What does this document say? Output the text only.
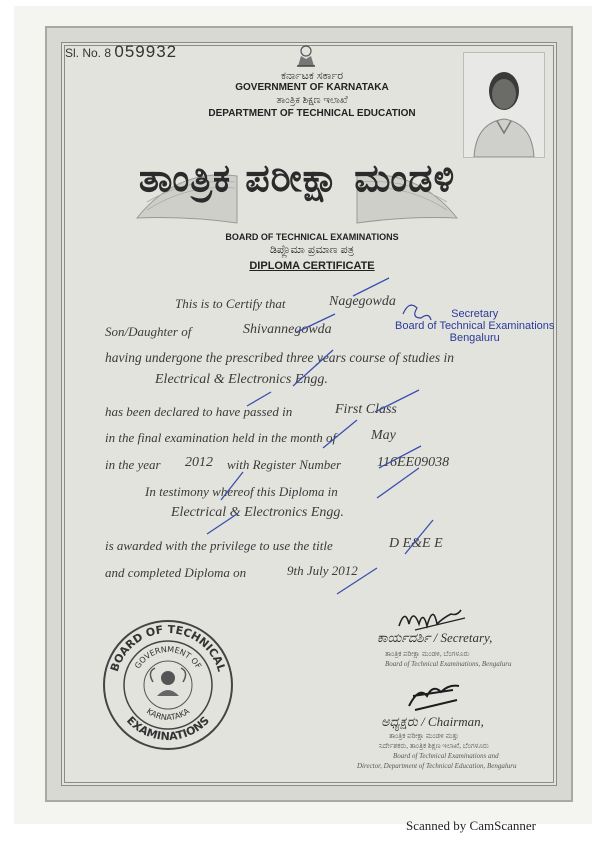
Sl. No. 8 059932
ಕರ್ನಾಟಕ ಸರ್ಕಾರ
GOVERNMENT OF KARNATAKA
ತಾಂತ್ರಿಕ ಶಿಕ್ಷಣ ಇಲಾಖೆ
DEPARTMENT OF TECHNICAL EDUCATION
ತಾಂತ್ರಿಕ ಪರೀಕ್ಷಾ ಮಂಡಳಿ
BOARD OF TECHNICAL EXAMINATIONS
ಡಿಪ್ಲೊಮಾ ಪ್ರಮಾಣ ಪತ್ರ
DIPLOMA CERTIFICATE
This is to Certify that	Nagegowda
Son/Daughter of	Shivannegowda
having undergone the prescribed three years course of studies in
Electrical & Electronics Engg.
has been declared to have passed in	First Class
in the final examination held in the month of May
in the year 2012 with Register Number	116EE09038
In testimony whereof this Diploma in
Electrical & Electronics Engg.
is awarded with the privilege to use the title	D E&E E
and completed Diploma on	9th July 2012
Secretary
Board of Technical Examinations
Bengaluru
BOARD OF TECHNICAL
EXAMINATIONS
GOVERNMENT OF
KARNATAKA
ಕಾರ್ಯದರ್ಶಿ / Secretary,
ತಾಂತ್ರಿಕ ಪರೀಕ್ಷಾ ಮಂಡಳಿ, ಬೆಂಗಳೂರು
Board of Technical Examinations, Bengaluru
ಅಧ್ಯಕ್ಷರು / Chairman,
ತಾಂತ್ರಿಕ ಪರೀಕ್ಷಾ ಮಂಡಳಿ ಮತ್ತು
ನಿರ್ದೇಶಕರು, ತಾಂತ್ರಿಕ ಶಿಕ್ಷಣ ಇಲಾಖೆ, ಬೆಂಗಳೂರು
Board of Technical Examinations and
Director, Department of Technical Education, Bengaluru
Scanned by CamScanner
